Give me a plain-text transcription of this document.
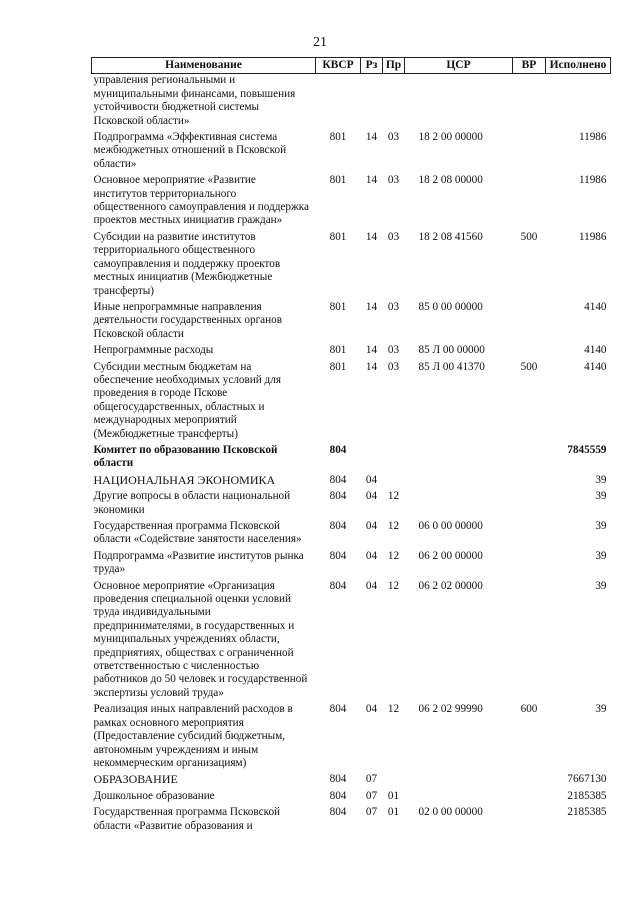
21
Наименование	КВСР	Рз	Пр	ЦСР	ВР	Исполнено
управления региональными и муниципальными финансами, повышения устойчивости бюджетной системы Псковской области»						
Подпрограмма «Эффективная система межбюджетных отношений в Псковской области»	801	14	03	18 2 00 00000		11986
Основное мероприятие «Развитие институтов территориального общественного самоуправления и поддержка проектов местных инициатив граждан»	801	14	03	18 2 08 00000		11986
Субсидии на развитие институтов территориального общественного самоуправления и поддержку проектов местных инициатив (Межбюджетные трансферты)	801	14	03	18 2 08 41560	500	11986
Иные непрограммные направления деятельности государственных органов Псковской области	801	14	03	85 0 00 00000		4140
Непрограммные расходы	801	14	03	85 Л 00 00000		4140
Субсидии местным бюджетам на обеспечение необходимых условий для проведения в городе Пскове общегосударственных, областных и международных мероприятий (Межбюджетные трансферты)	801	14	03	85 Л 00 41370	500	4140
Комитет по образованию Псковской области	804					7845559
НАЦИОНАЛЬНАЯ ЭКОНОМИКА	804	04				39
Другие вопросы в области национальной экономики	804	04	12			39
Государственная программа Псковской области «Содействие занятости населения»	804	04	12	06 0 00 00000		39
Подпрограмма «Развитие институтов рынка труда»	804	04	12	06 2 00 00000		39
Основное мероприятие «Организация проведения специальной оценки условий труда индивидуальными предпринимателями, в государственных и муниципальных учреждениях области, предприятиях, обществах с ограниченной ответственностью с численностью работников до 50 человек и государственной экспертизы условий труда»	804	04	12	06 2 02 00000		39
Реализация иных направлений расходов в рамках основного мероприятия (Предоставление субсидий бюджетным, автономным учреждениям и иным некоммерческим организациям)	804	04	12	06 2 02 99990	600	39
ОБРАЗОВАНИЕ	804	07				7667130
Дошкольное образование	804	07	01			2185385
Государственная программа Псковской области «Развитие образования и	804	07	01	02 0 00 00000		2185385
